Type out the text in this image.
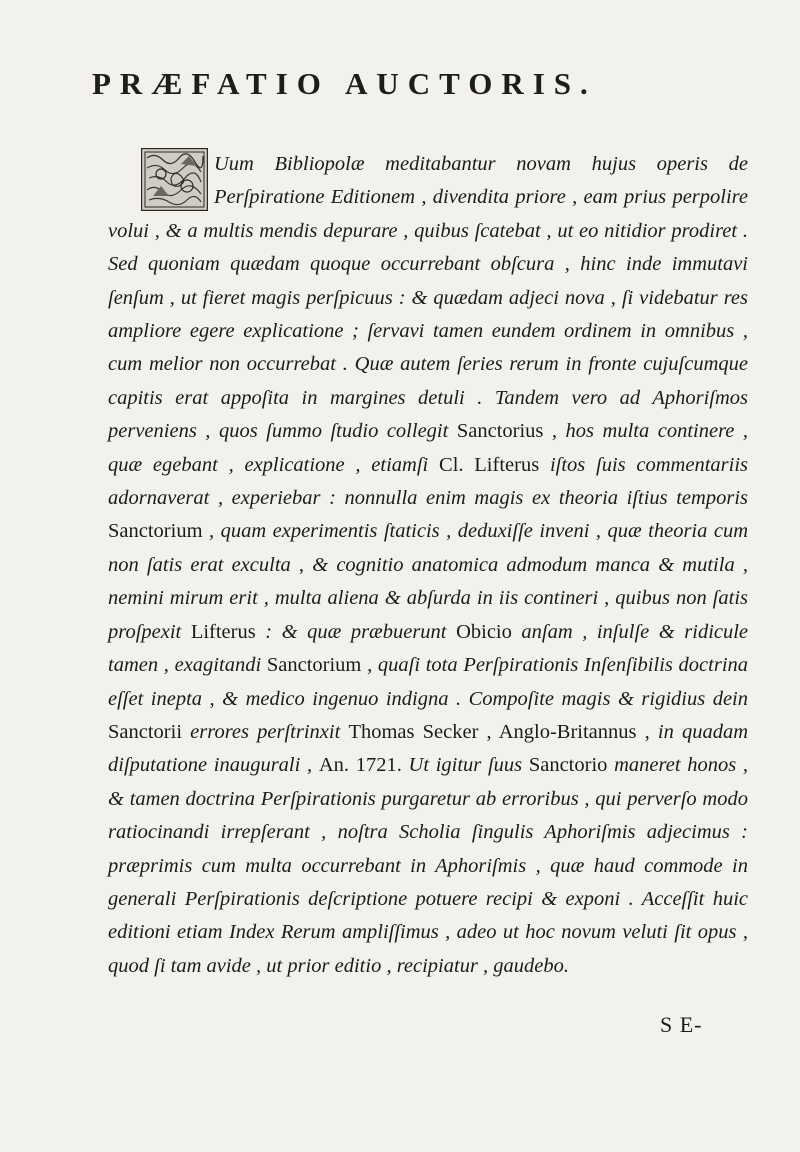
PRÆFATIO AUCTORIS.
Uum Bibliopolæ meditabantur novam hujus operis de Perſpiratione Editionem , divendita priore , eam prius perpolire volui , & a multis mendis depurare , quibus ſcatebat , ut eo nitidior prodiret . Sed quoniam quædam quoque occurrebant obſcura , hinc inde immutavi ſenſum , ut fieret magis perſpicuus : & quædam adjeci nova , ſi videbatur res ampliore egere explicatione ; ſervavi tamen eundem ordinem in omnibus , cum melior non occurrebat . Quæ autem ſeries rerum in fronte cujuſcumque capitis erat appoſita in margines detuli . Tandem vero ad Aphoriſmos perveniens , quos ſummo ſtudio collegit Sanctorius , hos multa continere , quæ egebant , explicatione , etiamſi Cl. Lifterus iſtos ſuis commentariis adornaverat , experiebar : nonnulla enim magis ex theoria iſtius temporis Sanctorium , quam experimentis ſtaticis , deduxiſſe inveni , quæ theoria cum non ſatis erat exculta , & cognitio anatomica admodum manca & mutila , nemini mirum erit , multa aliena & abſurda in iis contineri , quibus non ſatis proſpexit Lifterus : & quæ præbuerunt Obicio anſam , inſulſe & ridicule tamen , exagitandi Sanctorium , quaſi tota Perſpirationis Inſenſibilis doctrina eſſet inepta , & medico ingenuo indigna . Compoſite magis & rigidius dein Sanctorii errores perſtrinxit Thomas Secker , Anglo-Britannus , in quadam diſputatione inaugurali , An. 1721. Ut igitur ſuus Sanctorio maneret honos , & tamen doctrina Perſpirationis purgaretur ab erroribus , qui perverſo modo ratiocinandi irrepſerant , noſtra Scholia ſingulis Aphoriſmis adjecimus : præprimis cum multa occurrebant in Aphoriſmis , quæ haud commode in generali Perſpirationis deſcriptione potuere recipi & exponi . Acceſſit huic editioni etiam Index Rerum ampliſſimus , adeo ut hoc novum veluti ſit opus , quod ſi tam avide , ut prior editio , recipiatur , gaudebo.
S E-
